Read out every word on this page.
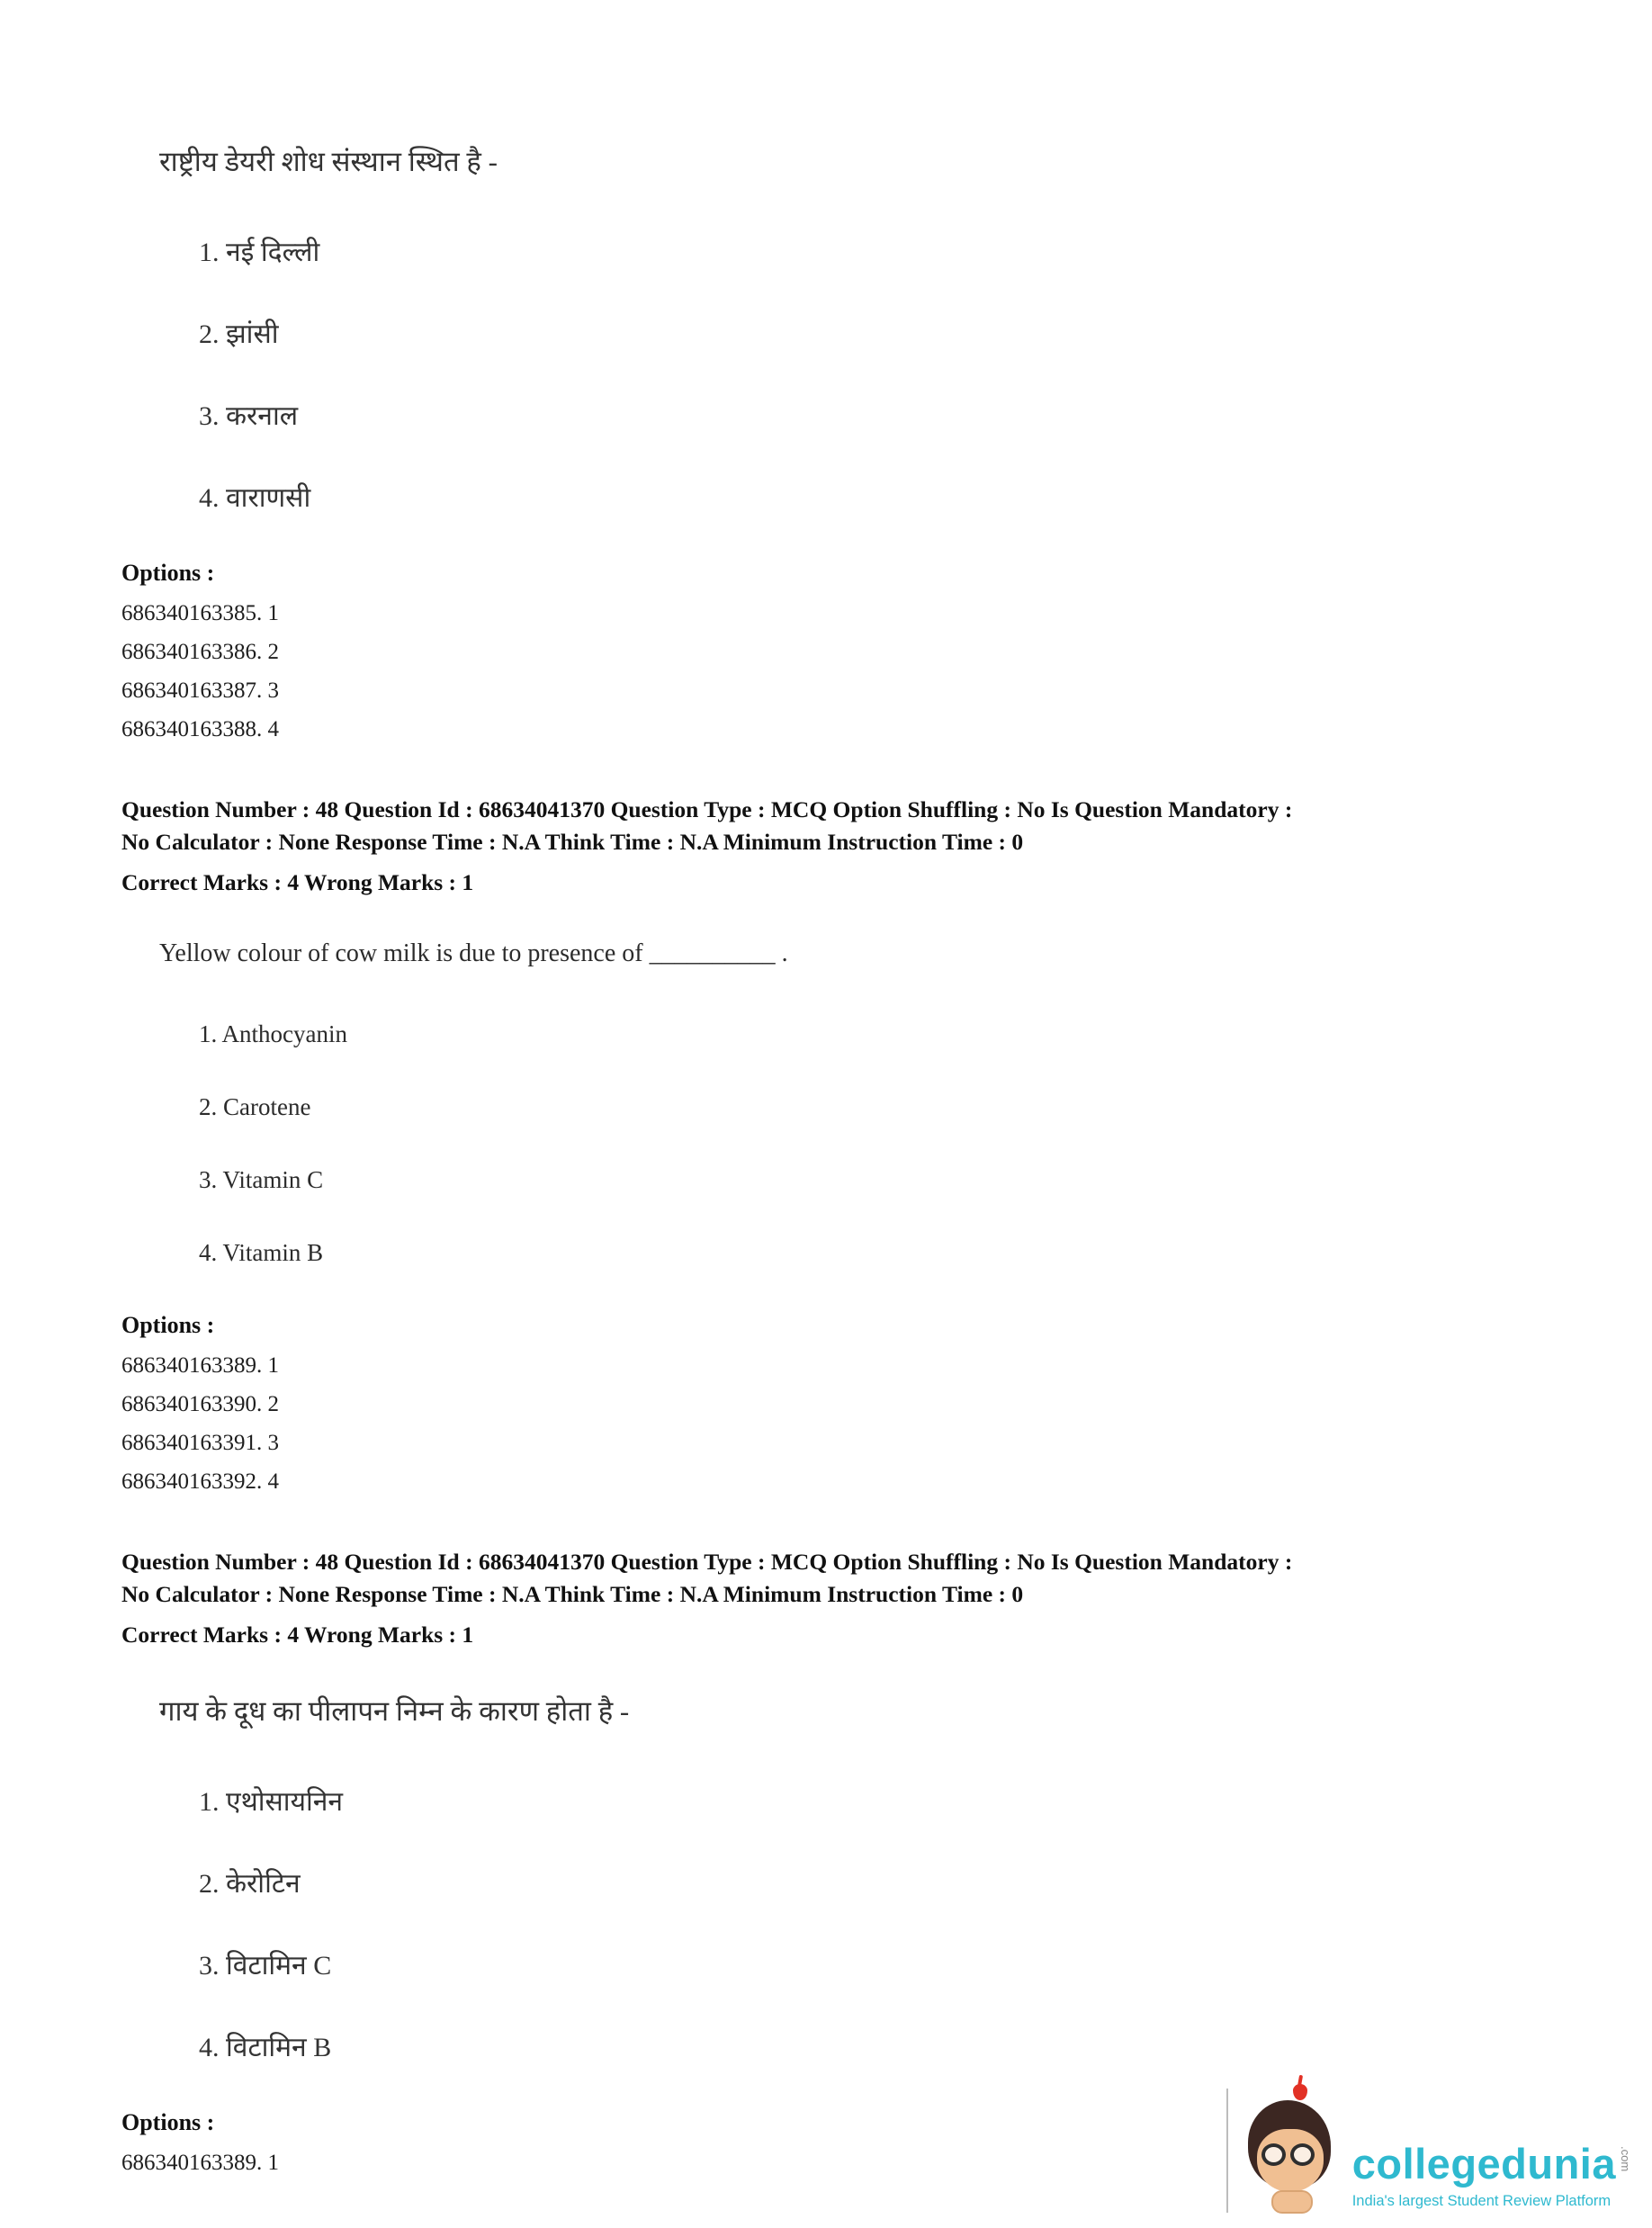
राष्ट्रीय डेयरी शोध संस्थान स्थित है -

1. नई दिल्ली
2. झांसी
3. करनाल
4. वाराणसी

Options :

686340163385. 1
686340163386. 2
686340163387. 3
686340163388. 4
Question Number : 48 Question Id : 68634041370 Question Type : MCQ Option Shuffling : No Is Question Mandatory :
No Calculator : None Response Time : N.A Think Time : N.A Minimum Instruction Time : 0

Correct Marks : 4 Wrong Marks : 1

Yellow colour of cow milk is due to presence of __________ .

1. Anthocyanin
2. Carotene
3. Vitamin C
4. Vitamin B

Options :

686340163389. 1
686340163390. 2
686340163391. 3
686340163392. 4
Question Number : 48 Question Id : 68634041370 Question Type : MCQ Option Shuffling : No Is Question Mandatory :
No Calculator : None Response Time : N.A Think Time : N.A Minimum Instruction Time : 0

Correct Marks : 4 Wrong Marks : 1

गाय के दूध का पीलापन निम्न के कारण होता है -

1. एथोसायनिन
2. केरोटिन
3. विटामिन C
4. विटामिन B

Options :

686340163389. 1	collegedunia .com
India's largest Student Review Platform
